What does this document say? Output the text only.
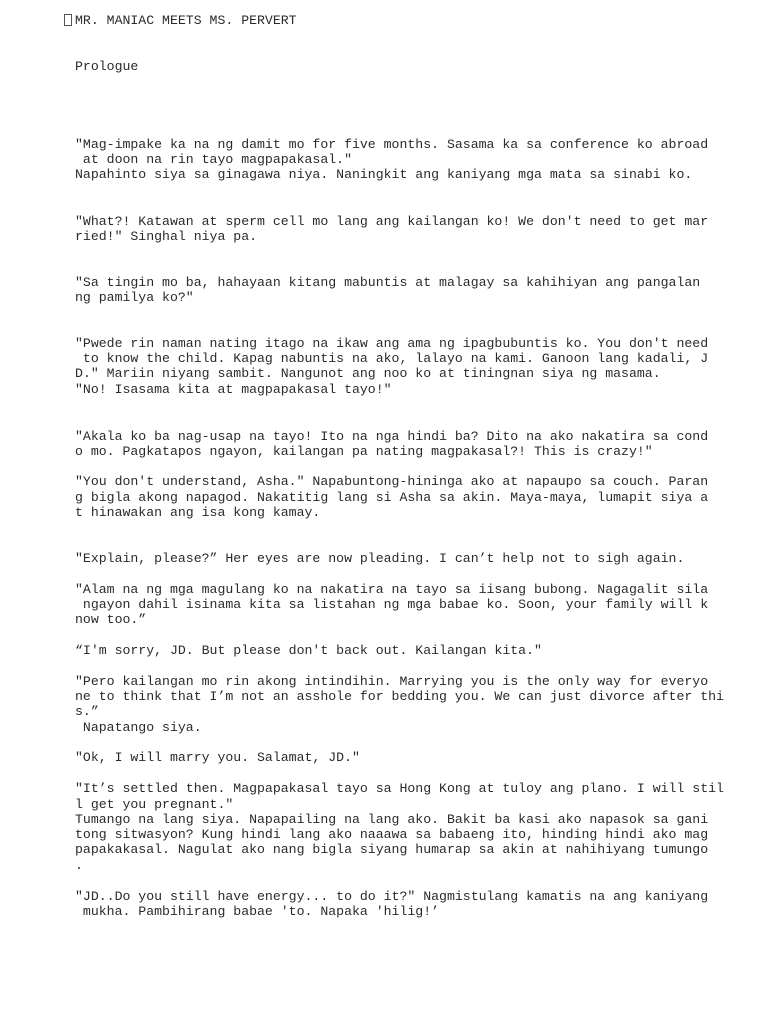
MR. MANIAC MEETS MS. PERVERT

Prologue

"Mag-impake ka na ng damit mo for five months. Sasama ka sa conference ko abroad

at doon na rin tayo magpapakasal."

Napahinto siya sa ginagawa niya. Naningkit ang kaniyang mga mata sa sinabi ko.

"What?! Katawan at sperm cell mo lang ang kailangan ko! We don't need to get mar

ried!" Singhal niya pa.

"Sa tingin mo ba, hahayaan kitang mabuntis at malagay sa kahihiyan ang pangalan

ng pamilya ko?"

"Pwede rin naman nating itago na ikaw ang ama ng ipagbubuntis ko. You don't need

to know the child. Kapag nabuntis na ako, lalayo na kami. Ganoon lang kadali, J

D." Mariin niyang sambit. Nangunot ang noo ko at tiningnan siya ng masama.

"No! Isasama kita at magpapakasal tayo!"

"Akala ko ba nag-usap na tayo! Ito na nga hindi ba? Dito na ako nakatira sa cond

o mo. Pagkatapos ngayon, kailangan pa nating magpakasal?! This is crazy!"

"You don't understand, Asha." Napabuntong-hininga ako at napaupo sa couch. Paran

g bigla akong napagod. Nakatitig lang si Asha sa akin. Maya-maya, lumapit siya a

t hinawakan ang isa kong kamay.

"Explain, please?” Her eyes are now pleading. I can’t help not to sigh again.

"Alam na ng mga magulang ko na nakatira na tayo sa iisang bubong. Nagagalit sila

ngayon dahil isinama kita sa listahan ng mga babae ko. Soon, your family will k

now too.”

“I'm sorry, JD. But please don't back out. Kailangan kita."

"Pero kailangan mo rin akong intindihin. Marrying you is the only way for everyo

ne to think that I’m not an asshole for bedding you. We can just divorce after thi

s.”

Napatango siya.

"Ok, I will marry you. Salamat, JD."

"It’s settled then. Magpapakasal tayo sa Hong Kong at tuloy ang plano. I will stil

l get you pregnant."

Tumango na lang siya. Napapailing na lang ako. Bakit ba kasi ako napasok sa gani

tong sitwasyon? Kung hindi lang ako naaawa sa babaeng ito, hinding hindi ako mag

papakakasal. Nagulat ako nang bigla siyang humarap sa akin at nahihiyang tumungo

.

"JD..Do you still have energy... to do it?" Nagmistulang kamatis na ang kaniyang

mukha. Pambihirang babae 'to. Napaka 'hilig!’
